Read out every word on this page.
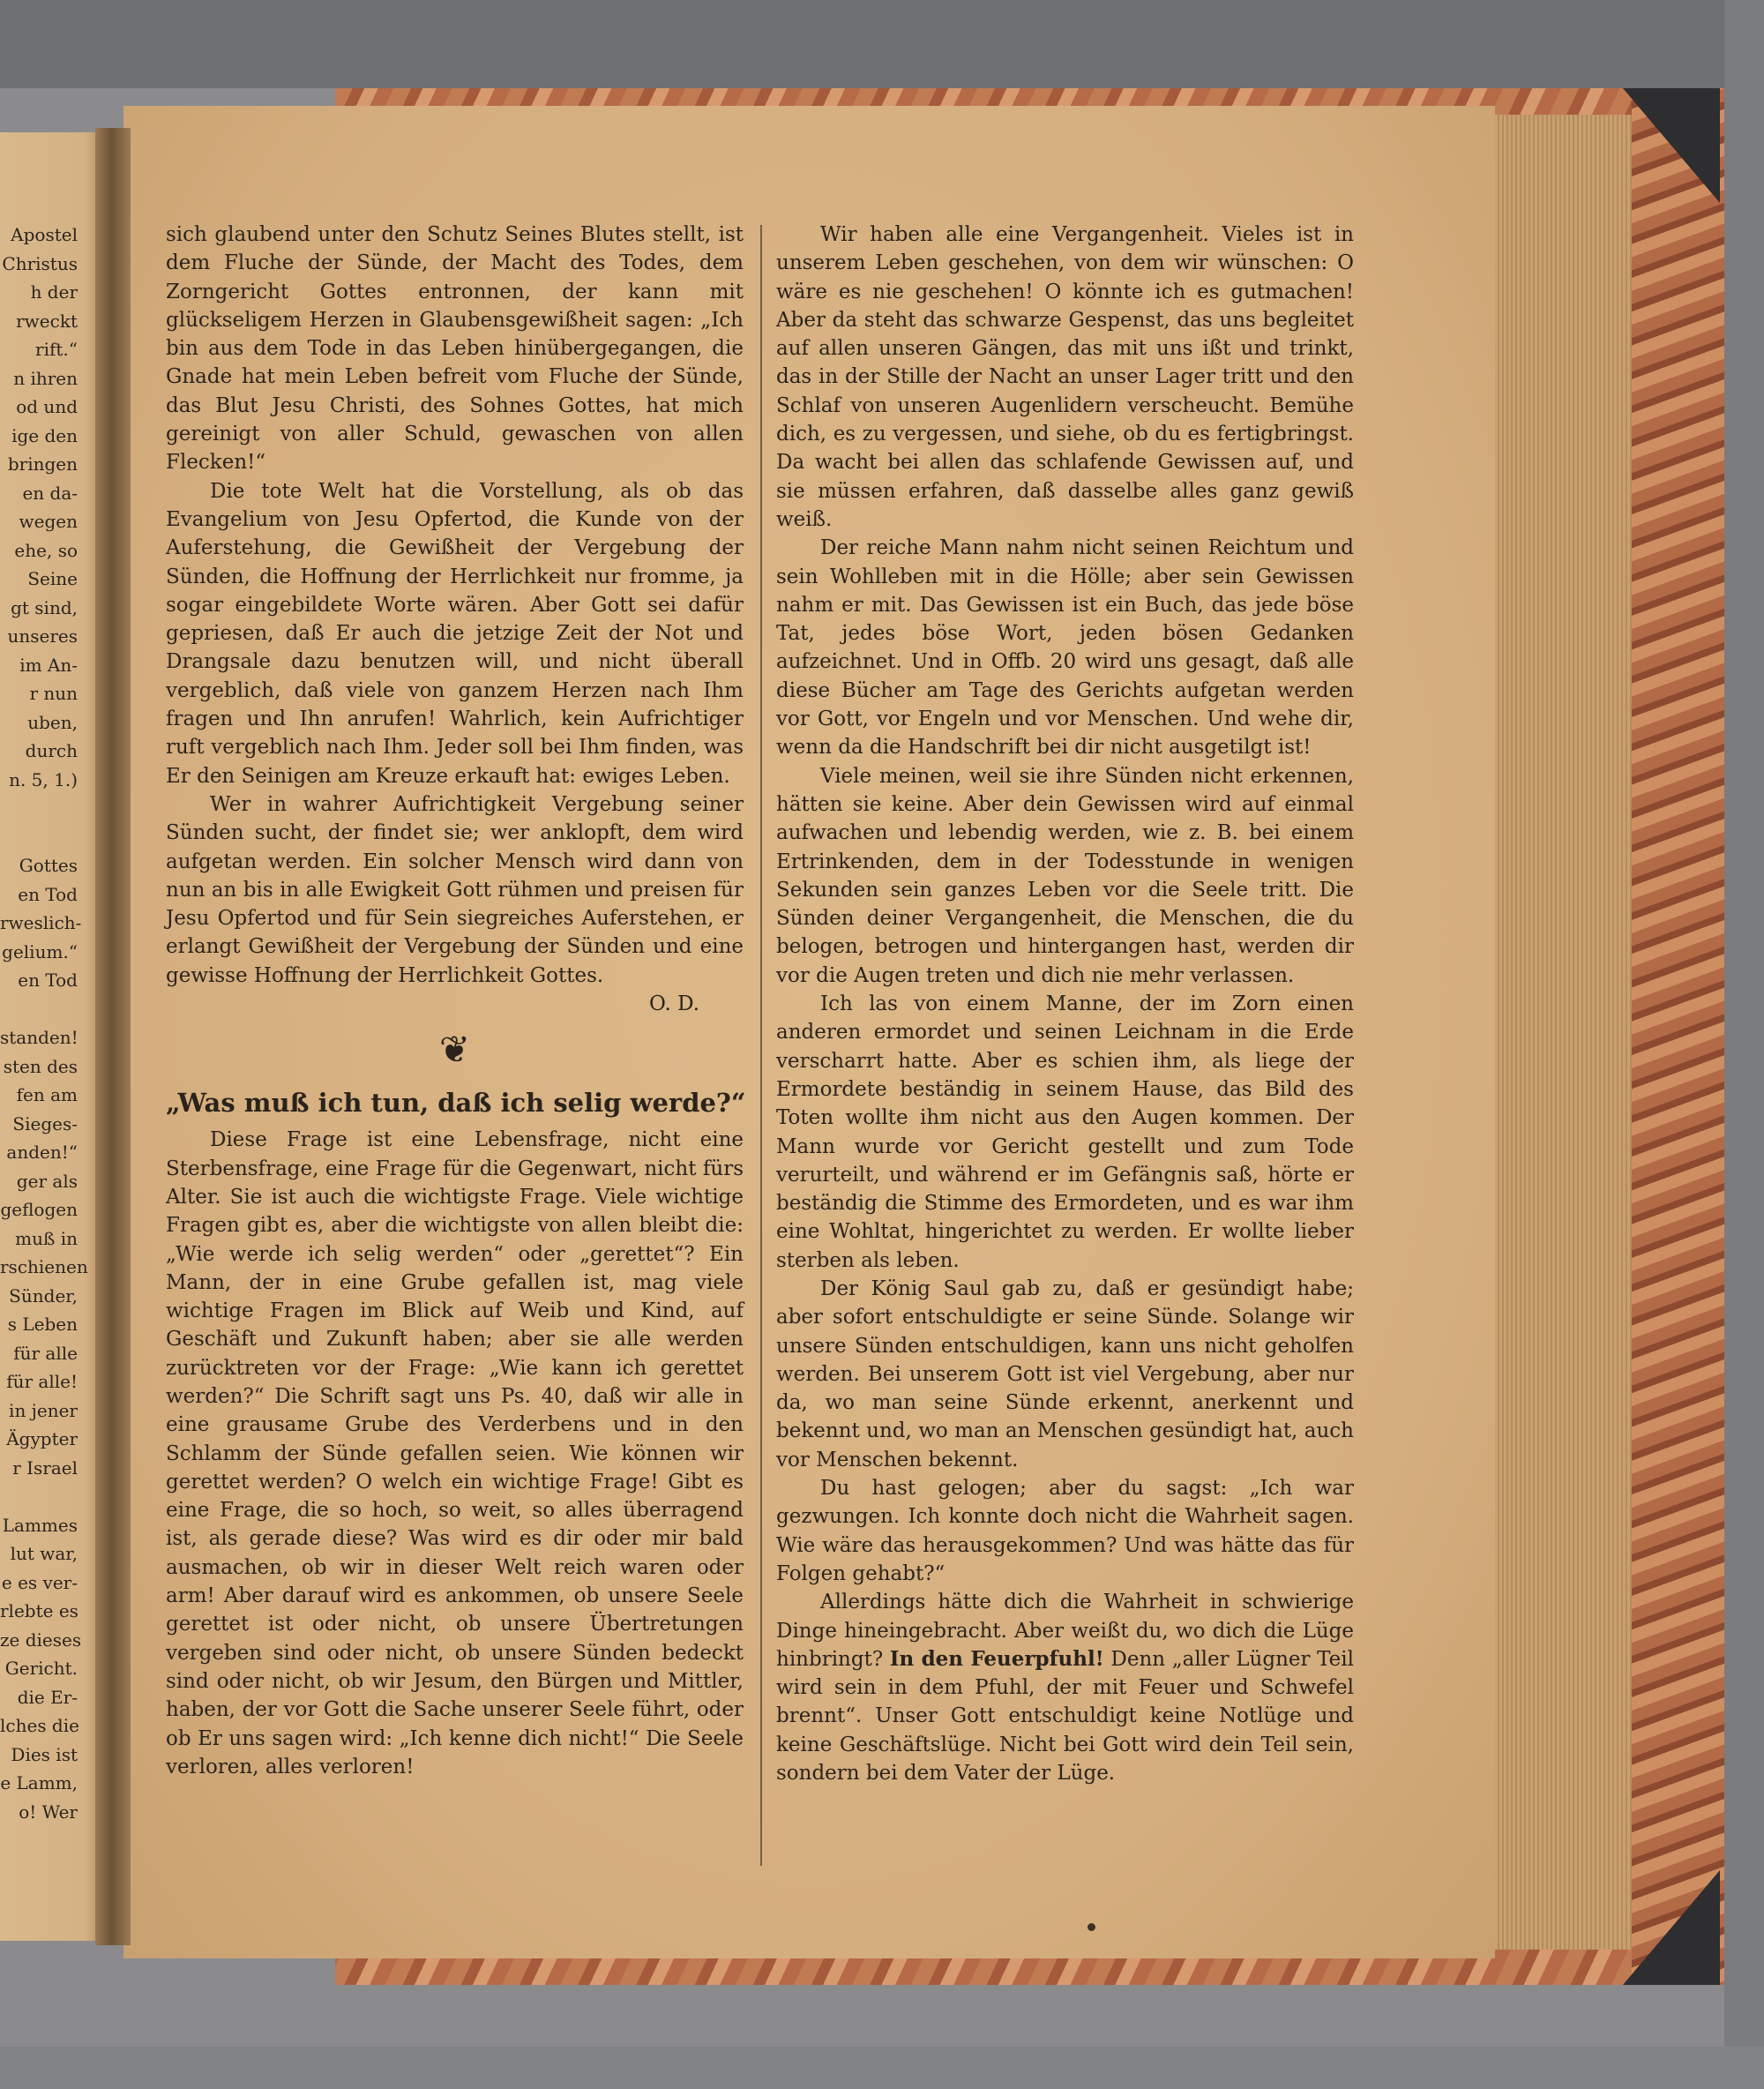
Apostel
Christus
h der
rweckt
rift.“
n ihren
od und
ige den
bringen
en da-
wegen
ehe, so
Seine
gt sind,
unseres
im An-
r nun
uben,
durch
n. 5, 1.)

Gottes
en Tod
rweslich-
gelium.“
en Tod

standen!
sten des
fen am
Sieges-
anden!“
ger als
geflogen
muß in
rschienen
Sünder,
s Leben
für alle
für alle!
in jener
Ägypter
r Israel

Lammes
lut war,
e es ver-
rlebte es
ze dieses
Gericht.
die Er-
lches die
Dies ist
e Lamm,
o! Wer

sich glaubend unter den Schutz Seines Blutes stellt, ist dem Fluche der Sünde, der Macht des Todes, dem Zorngericht Gottes entronnen, der kann mit glückseligem Herzen in Glaubensgewißheit sagen: „Ich bin aus dem Tode in das Leben hinübergegangen, die Gnade hat mein Leben befreit vom Fluche der Sünde, das Blut Jesu Christi, des Sohnes Gottes, hat mich gereinigt von aller Schuld, gewaschen von allen Flecken!“

Die tote Welt hat die Vorstellung, als ob das Evangelium von Jesu Opfertod, die Kunde von der Auferstehung, die Gewißheit der Vergebung der Sünden, die Hoffnung der Herrlichkeit nur fromme, ja sogar eingebildete Worte wären. Aber Gott sei dafür gepriesen, daß Er auch die jetzige Zeit der Not und Drangsale dazu benutzen will, und nicht überall vergeblich, daß viele von ganzem Herzen nach Ihm fragen und Ihn anrufen! Wahrlich, kein Aufrichtiger ruft vergeblich nach Ihm. Jeder soll bei Ihm finden, was Er den Seinigen am Kreuze erkauft hat: ewiges Leben.

Wer in wahrer Aufrichtigkeit Vergebung seiner Sünden sucht, der findet sie; wer anklopft, dem wird aufgetan werden. Ein solcher Mensch wird dann von nun an bis in alle Ewigkeit Gott rühmen und preisen für Jesu Opfertod und für Sein siegreiches Auferstehen, er erlangt Gewißheit der Vergebung der Sünden und eine gewisse Hoffnung der Herrlichkeit Gottes.

O. D.

❦
„Was muß ich tun, daß ich selig werde?“

Diese Frage ist eine Lebensfrage, nicht eine Sterbensfrage, eine Frage für die Gegenwart, nicht fürs Alter. Sie ist auch die wichtigste Frage. Viele wichtige Fragen gibt es, aber die wichtigste von allen bleibt die: „Wie werde ich selig werden“ oder „gerettet“? Ein Mann, der in eine Grube gefallen ist, mag viele wichtige Fragen im Blick auf Weib und Kind, auf Geschäft und Zukunft haben; aber sie alle werden zurücktreten vor der Frage: „Wie kann ich gerettet werden?“ Die Schrift sagt uns Ps. 40, daß wir alle in eine grausame Grube des Verderbens und in den Schlamm der Sünde gefallen seien. Wie können wir gerettet werden? O welch ein wichtige Frage! Gibt es eine Frage, die so hoch, so weit, so alles überragend ist, als gerade diese? Was wird es dir oder mir bald ausmachen, ob wir in dieser Welt reich waren oder arm! Aber darauf wird es ankommen, ob unsere Seele gerettet ist oder nicht, ob unsere Übertretungen vergeben sind oder nicht, ob unsere Sünden bedeckt sind oder nicht, ob wir Jesum, den Bürgen und Mittler, haben, der vor Gott die Sache unserer Seele führt, oder ob Er uns sagen wird: „Ich kenne dich nicht!“ Die Seele verloren, alles verloren!

Wir haben alle eine Vergangenheit. Vieles ist in unserem Leben geschehen, von dem wir wünschen: O wäre es nie geschehen! O könnte ich es gutmachen! Aber da steht das schwarze Gespenst, das uns begleitet auf allen unseren Gängen, das mit uns ißt und trinkt, das in der Stille der Nacht an unser Lager tritt und den Schlaf von unseren Augenlidern verscheucht. Bemühe dich, es zu vergessen, und siehe, ob du es fertigbringst. Da wacht bei allen das schlafende Gewissen auf, und sie müssen erfahren, daß dasselbe alles ganz gewiß weiß.

Der reiche Mann nahm nicht seinen Reichtum und sein Wohlleben mit in die Hölle; aber sein Gewissen nahm er mit. Das Gewissen ist ein Buch, das jede böse Tat, jedes böse Wort, jeden bösen Gedanken aufzeichnet. Und in Offb. 20 wird uns gesagt, daß alle diese Bücher am Tage des Gerichts aufgetan werden vor Gott, vor Engeln und vor Menschen. Und wehe dir, wenn da die Handschrift bei dir nicht ausgetilgt ist!

Viele meinen, weil sie ihre Sünden nicht erkennen, hätten sie keine. Aber dein Gewissen wird auf einmal aufwachen und lebendig werden, wie z. B. bei einem Ertrinkenden, dem in der Todesstunde in wenigen Sekunden sein ganzes Leben vor die Seele tritt. Die Sünden deiner Vergangenheit, die Menschen, die du belogen, betrogen und hintergangen hast, werden dir vor die Augen treten und dich nie mehr verlassen.

Ich las von einem Manne, der im Zorn einen anderen ermordet und seinen Leichnam in die Erde verscharrt hatte. Aber es schien ihm, als liege der Ermordete beständig in seinem Hause, das Bild des Toten wollte ihm nicht aus den Augen kommen. Der Mann wurde vor Gericht gestellt und zum Tode verurteilt, und während er im Gefängnis saß, hörte er beständig die Stimme des Ermordeten, und es war ihm eine Wohltat, hingerichtet zu werden. Er wollte lieber sterben als leben.

Der König Saul gab zu, daß er gesündigt habe; aber sofort entschuldigte er seine Sünde. Solange wir unsere Sünden entschuldigen, kann uns nicht geholfen werden. Bei unserem Gott ist viel Vergebung, aber nur da, wo man seine Sünde erkennt, anerkennt und bekennt und, wo man an Menschen gesündigt hat, auch vor Menschen bekennt.

Du hast gelogen; aber du sagst: „Ich war gezwungen. Ich konnte doch nicht die Wahrheit sagen. Wie wäre das herausgekommen? Und was hätte das für Folgen gehabt?“

Allerdings hätte dich die Wahrheit in schwierige Dinge hineingebracht. Aber weißt du, wo dich die Lüge hinbringt? In den Feuerpfuhl! Denn „aller Lügner Teil wird sein in dem Pfuhl, der mit Feuer und Schwefel brennt“. Unser Gott entschuldigt keine Notlüge und keine Geschäftslüge. Nicht bei Gott wird dein Teil sein, sondern bei dem Vater der Lüge.
